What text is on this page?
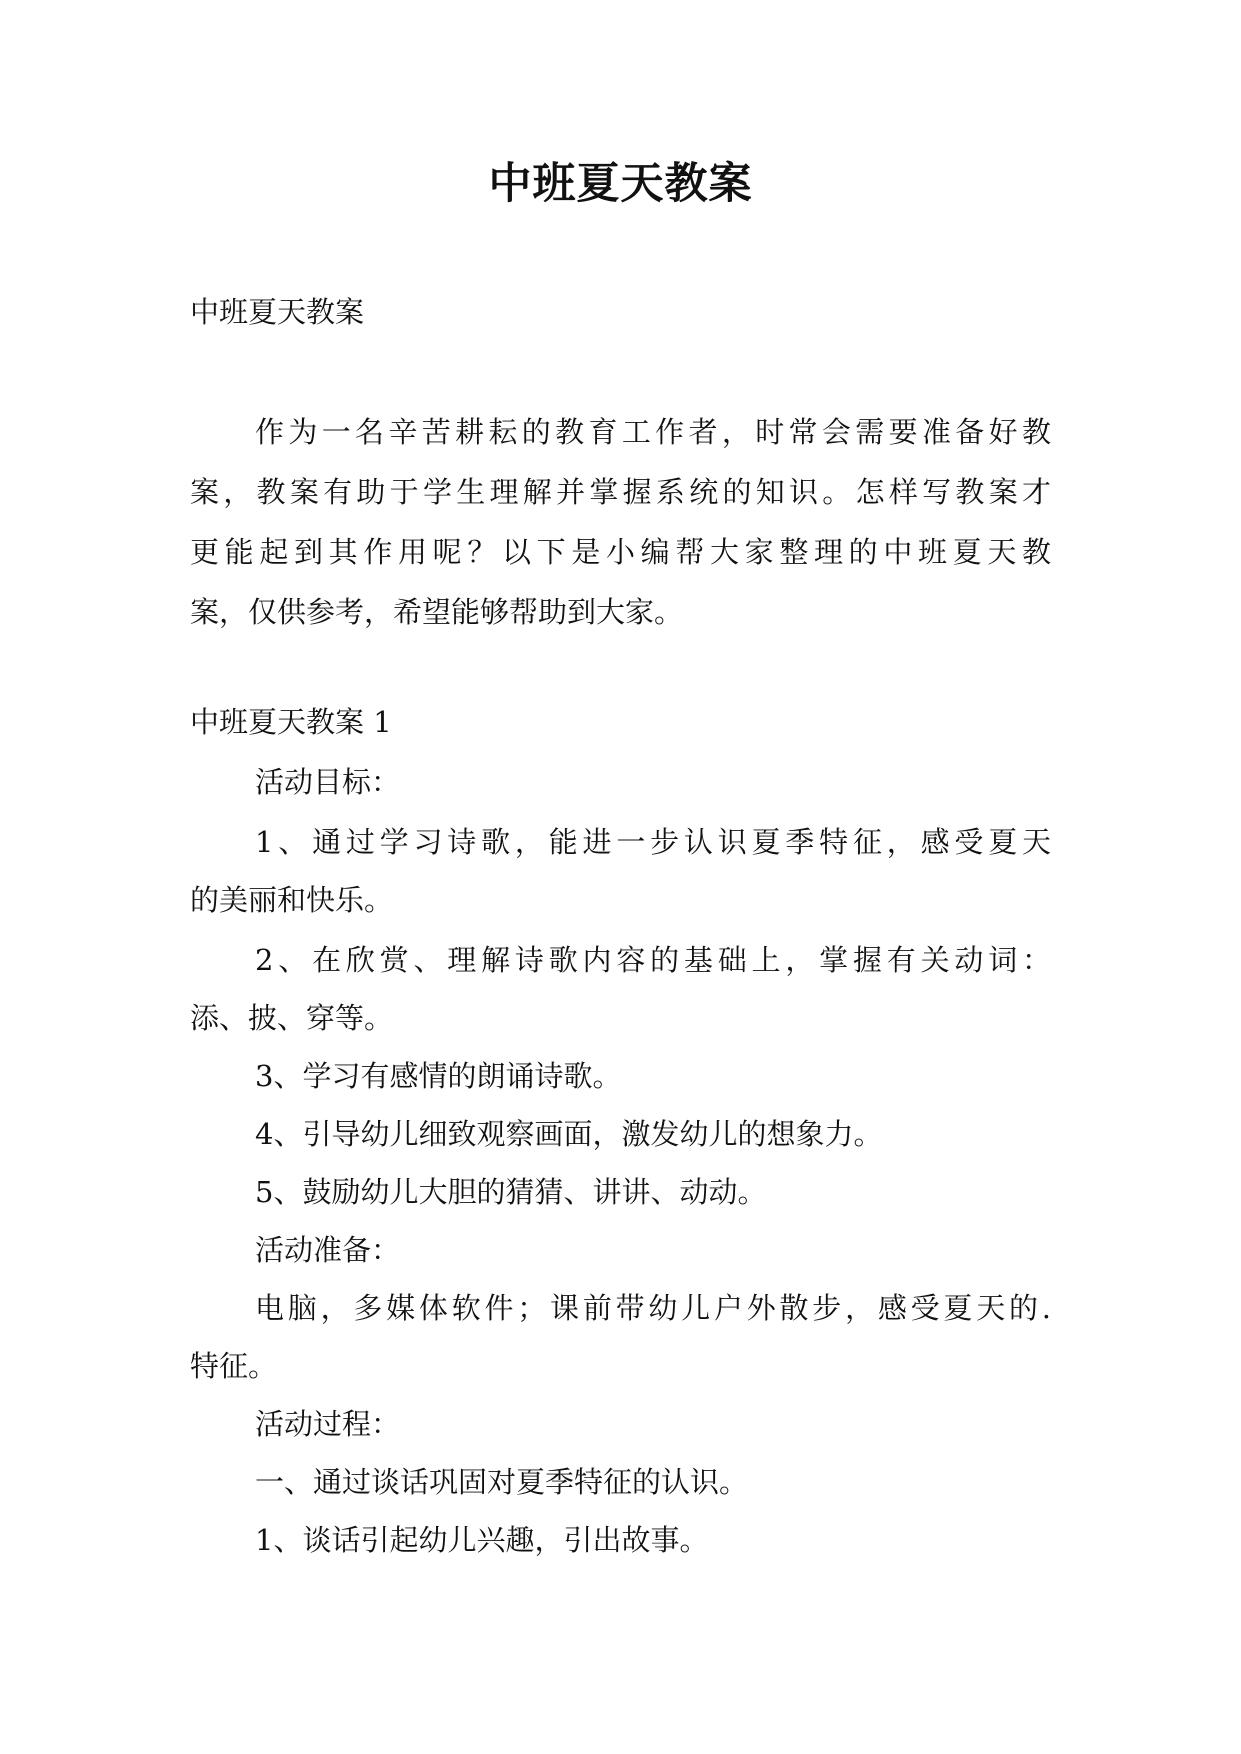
中班夏天教案
中班夏天教案
作为一名辛苦耕耘的教育工作者，时常会需要准备好教
案，教案有助于学生理解并掌握系统的知识。怎样写教案才
更能起到其作用呢？以下是小编帮大家整理的中班夏天教
案，仅供参考，希望能够帮助到大家。
中班夏天教案 1
活动目标：
1、通过学习诗歌，能进一步认识夏季特征，感受夏天
的美丽和快乐。
2、在欣赏、理解诗歌内容的基础上，掌握有关动词：
添、披、穿等。
3、学习有感情的朗诵诗歌。
4、引导幼儿细致观察画面，激发幼儿的想象力。
5、鼓励幼儿大胆的猜猜、讲讲、动动。
活动准备：
电脑，多媒体软件；课前带幼儿户外散步，感受夏天的.
特征。
活动过程：
一、通过谈话巩固对夏季特征的认识。
1、谈话引起幼儿兴趣，引出故事。
